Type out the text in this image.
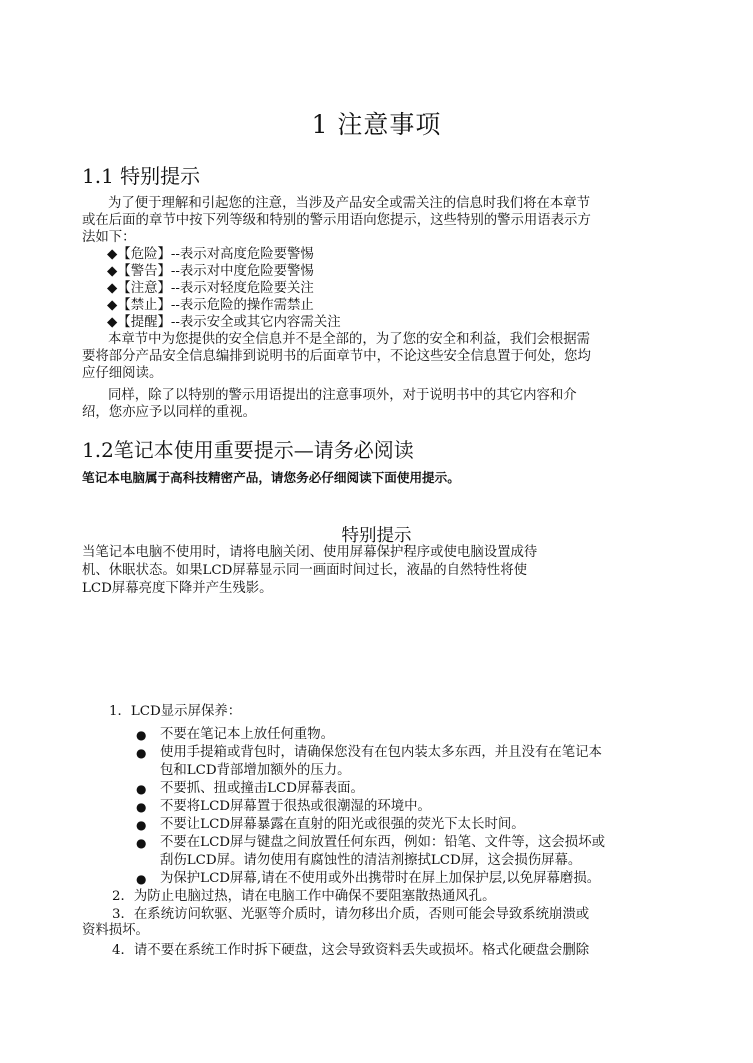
1 注意事项
1.1 特别提示
为了便于理解和引起您的注意，当涉及产品安全或需关注的信息时我们将在本章节
或在后面的章节中按下列等级和特别的警示用语向您提示，这些特别的警示用语表示方
法如下：
◆【危险】--表示对高度危险要警惕
◆【警告】--表示对中度危险要警惕
◆【注意】--表示对轻度危险要关注
◆【禁止】--表示危险的操作需禁止
◆【提醒】--表示安全或其它内容需关注
本章节中为您提供的安全信息并不是全部的，为了您的安全和利益，我们会根据需
要将部分产品安全信息编排到说明书的后面章节中，不论这些安全信息置于何处，您均
应仔细阅读。
同样，除了以特别的警示用语提出的注意事项外，对于说明书中的其它内容和介
绍，您亦应予以同样的重视。
1.2笔记本使用重要提示—请务必阅读
笔记本电脑属于高科技精密产品，请您务必仔细阅读下面使用提示。
特别提示
当笔记本电脑不使用时，请将电脑关闭、使用屏幕保护程序或使电脑设置成待
机、休眠状态。如果LCD屏幕显示同一画面时间过长，液晶的自然特性将使
LCD屏幕亮度下降并产生残影。
1．LCD显示屏保养：
● 不要在笔记本上放任何重物。
● 使用手提箱或背包时，请确保您没有在包内装太多东西，并且没有在笔记本
包和LCD背部增加额外的压力。
● 不要抓、扭或撞击LCD屏幕表面。
● 不要将LCD屏幕置于很热或很潮湿的环境中。
● 不要让LCD屏幕暴露在直射的阳光或很强的荧光下太长时间。
● 不要在LCD屏与键盘之间放置任何东西，例如：铅笔、文件等，这会损坏或
刮伤LCD屏。请勿使用有腐蚀性的清洁剂擦拭LCD屏，这会损伤屏幕。
● 为保护LCD屏幕,请在不使用或外出携带时在屏上加保护层,以免屏幕磨损。
2．为防止电脑过热，请在电脑工作中确保不要阻塞散热通风孔。
3．在系统访问软驱、光驱等介质时，请勿移出介质，否则可能会导致系统崩溃或
资料损坏。
4．请不要在系统工作时拆下硬盘，这会导致资料丢失或损坏。格式化硬盘会删除
